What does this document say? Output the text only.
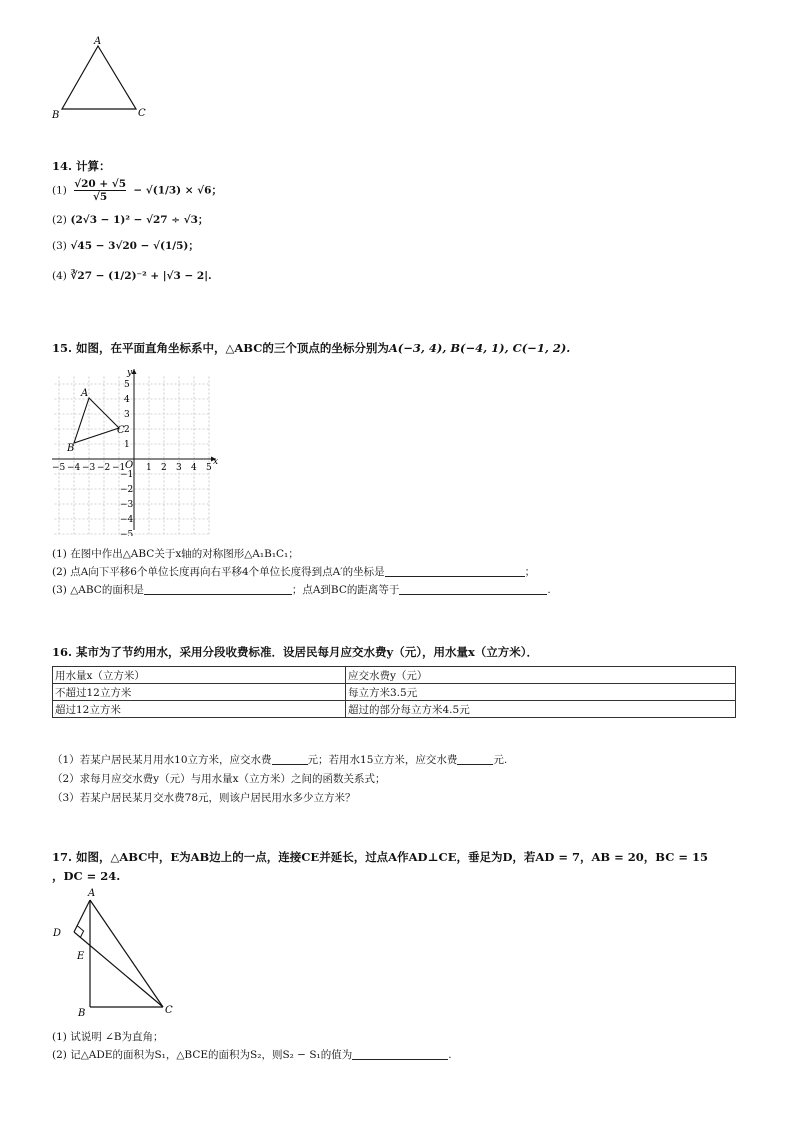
A
B	C
14. 计算：
$(1) \frac{√20 + √5}{√5} - √(1/3) \times √6$；
(2) (2√3 − 1)² − √27 ÷ √3；
(3) √45 − 3√20 − √(1/5)；
(4) ∛27 − (1/2)⁻² + |√3 − 2|.
15. 如图，在平面直角坐标系中，△ABC的三个顶点的坐标分别为A(−3, 4), B(−4, 1), C(−1, 2).
x
y
O
−5 −4 −3 −2 −1 1 2 3 4 5
5
4
3
2
1
−1
−2
−3
−4
−5
A
B
C
(1) 在图中作出△ABC关于x轴的对称图形△A₁B₁C₁；
(2) 点A向下平移6个单位长度再向右平移4个单位长度得到点A′的坐标是	；
(3) △ABC的面积是	；点A到BC的距离等于	.
16. 某市为了节约用水，采用分段收费标准．设居民每月应交水费y（元），用水量x（立方米）．
用水量x（立方米）	应交水费y（元）
不超过12立方米	每立方米3.5元
超过12立方米	超过的部分每立方米4.5元
（1）若某户居民某月用水10立方米，应交水费	元；若用水15立方米，应交水费	元.
（2）求每月应交水费y（元）与用水量x（立方米）之间的函数关系式；
（3）若某户居民某月交水费78元，则该户居民用水多少立方米？
17. 如图，△ABC中，E为AB边上的一点，连接CE并延长，过点A作AD⊥CE，垂足为D，若AD = 7，AB = 20，BC = 15
，DC = 24.
A
D
E
B	C
(1) 试说明 ∠B为直角；
(2) 记△ADE的面积为S₁，△BCE的面积为S₂，则S₂ − S₁的值为	.
